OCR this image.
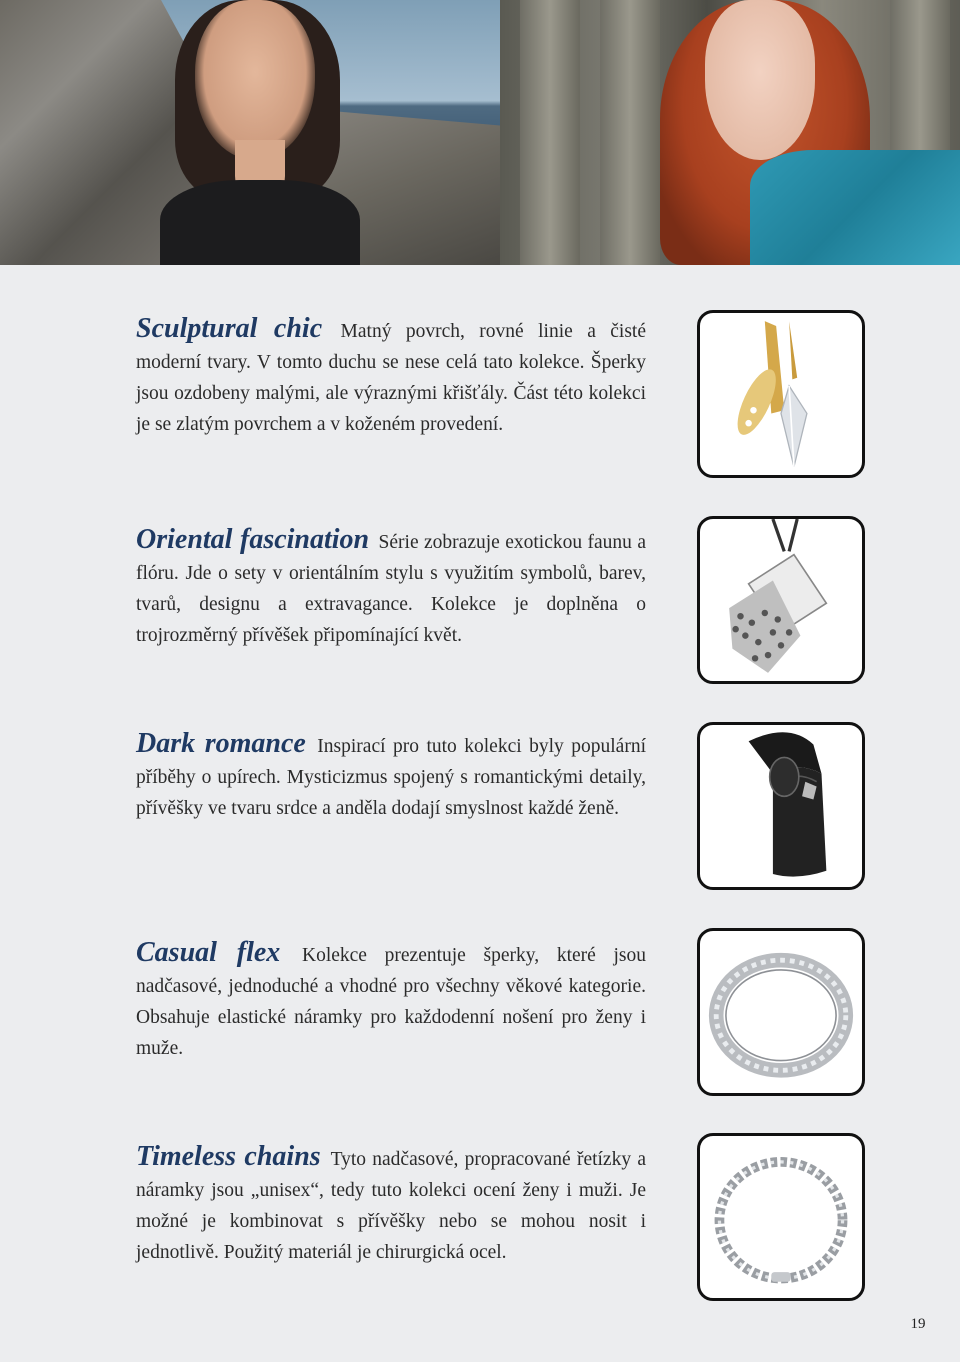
Sculptural chic Matný povrch, rovné linie a čisté moderní tvary. V tomto duchu se nese celá tato kolekce. Šperky jsou ozdobeny malými, ale výraznými křišťály. Část této kolekci je se zlatým povrchem a v koženém provedení.
Oriental fascination Série zobrazuje exotickou faunu a flóru. Jde o sety v orientálním stylu s využitím symbolů, barev, tvarů, designu a extravagance. Kolekce je doplněna o trojrozměrný přívěšek připomínající květ.
Dark romance Inspirací pro tuto kolekci byly populární příběhy o upírech. Mysticizmus spojený s romantickými detaily, přívěšky ve tvaru srdce a anděla dodají smyslnost každé ženě.
Casual flex Kolekce prezentuje šperky, které jsou nadčasové, jednoduché a vhodné pro všechny věkové kategorie. Obsahuje elastické náramky pro každodenní nošení pro ženy i muže.
Timeless chains Tyto nadčasové, propracované řetízky a náramky jsou „unisex“, tedy tuto kolekci ocení ženy i muži. Je možné je kombinovat s přívěšky nebo se mohou nosit i jednotlivě. Použitý materiál je chirurgická ocel.
19
